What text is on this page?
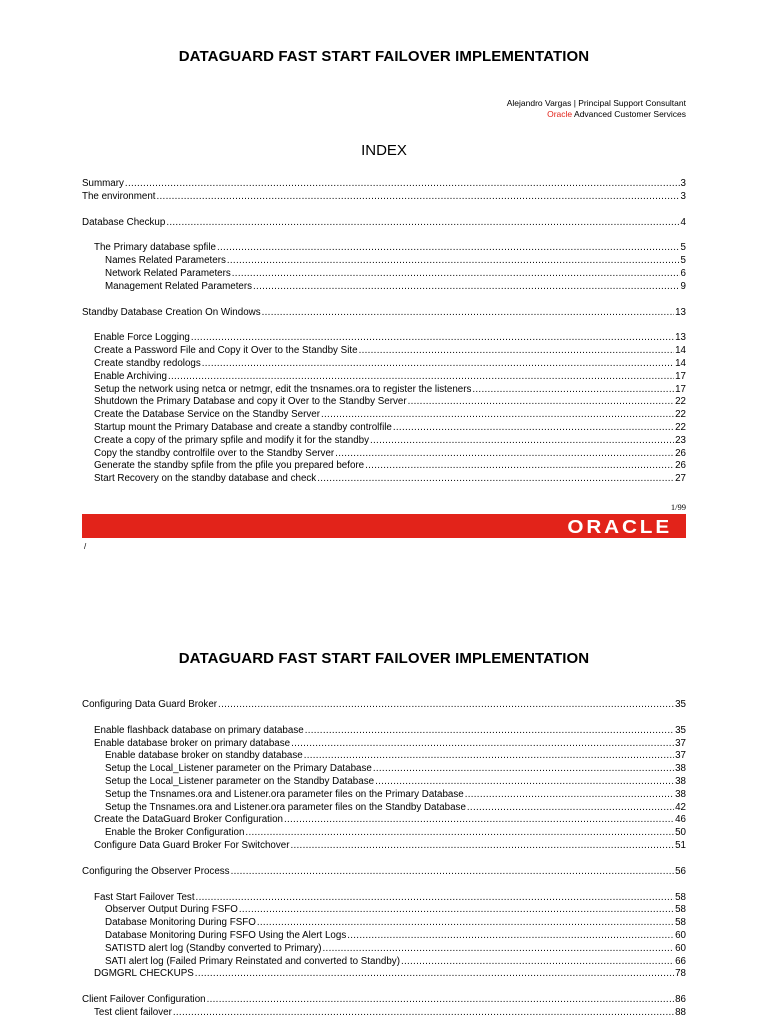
DATAGUARD FAST START FAILOVER IMPLEMENTATION
Alejandro Vargas | Principal Support Consultant
Oracle Advanced Customer Services
INDEX
Summary .....	3
The environment .....	3
Database Checkup .....	4
The Primary database spfile .....	5
Names Related Parameters .....	5
Network Related Parameters .....	6
Management Related Parameters .....	9
Standby Database Creation On Windows .....	13
Enable Force Logging .....	13
Create a Password File and Copy it Over to the Standby Site .....	14
Create standby redologs .....	14
Enable Archiving .....	17
Setup the network using netca or netmgr, edit the tnsnames.ora to register the listeners .....	17
Shutdown the Primary Database and copy it Over to the Standby Server .....	22
Create the Database Service on the Standby Server .....	22
Startup mount the Primary Database and create a standby controlfile .....	22
Create a copy of the primary spfile and modify it for the standby .....	23
Copy the standby controlfile over to the Standby Server .....	26
Generate the standby spfile from the pfile you prepared before .....	26
Start Recovery on the standby database and check .....	27
1/99
ORACLE
/
DATAGUARD FAST START FAILOVER IMPLEMENTATION
Configuring Data Guard Broker .....	35
Enable flashback database on primary database .....	35
Enable database broker on primary database .....	37
Enable database broker on standby database .....	37
Setup the Local_Listener parameter on the Primary Database .....	38
Setup the Local_Listener parameter on the Standby Database .....	38
Setup the Tnsnames.ora and Listener.ora parameter files on the Primary Database .....	38
Setup the Tnsnames.ora and Listener.ora parameter files on the Standby Database .....	42
Create the DataGuard Broker Configuration .....	46
Enable the Broker Configuration .....	50
Configure Data Guard Broker For Switchover .....	51
Configuring the Observer Process .....	56
Fast Start Failover Test .....	58
Observer Output During FSFO .....	58
Database Monitoring During FSFO .....	58
Database Monitoring During FSFO Using the Alert Logs .....	60
SATISTD alert log (Standby converted to Primary) .....	60
SATI alert log (Failed Primary Reinstated and converted to Standby) .....	66
DGMGRL CHECKUPS .....	78
Client Failover Configuration .....	86
Test client failover .....	88
